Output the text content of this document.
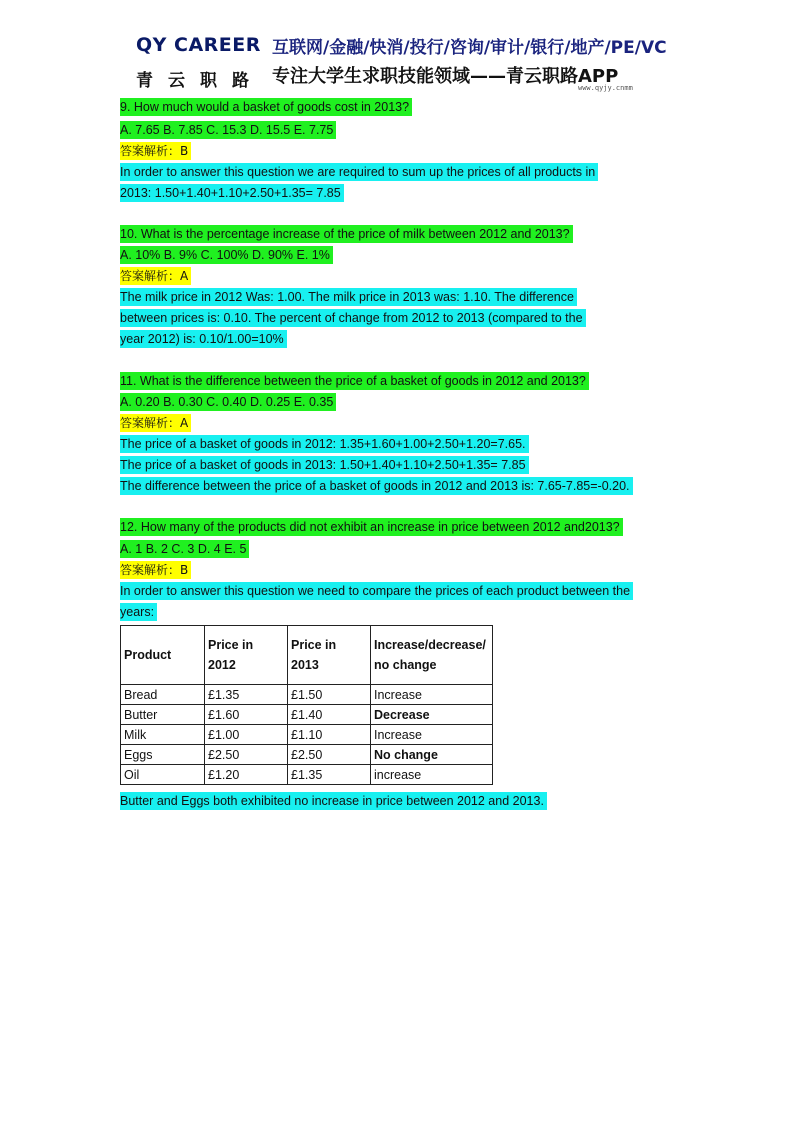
QY CAREER
青云职路
互联网/金融/快消/投行/咨询/审计/银行/地产/PE/VC
专注大学生求职技能领域——青云职路APP
www.qyjy.cnmm
9. How much would a basket of goods cost in 2013?
A. 7.65 B. 7.85 C. 15.3 D. 15.5 E. 7.75
答案解析：B
In order to answer this question we are required to sum up the prices of all products in
2013: 1.50+1.40+1.10+2.50+1.35= 7.85
10. What is the percentage increase of the price of milk between 2012 and 2013?
A. 10% B. 9% C. 100% D. 90% E. 1%
答案解析：A
The milk price in 2012 Was: 1.00. The milk price in 2013 was: 1.10. The difference
between prices is: 0.10. The percent of change from 2012 to 2013 (compared to the
year 2012) is: 0.10/1.00=10%
11. What is the difference between the price of a basket of goods in 2012 and 2013?
A. 0.20 B. 0.30 C. 0.40 D. 0.25 E. 0.35
答案解析：A
The price of a basket of goods in 2012: 1.35+1.60+1.00+2.50+1.20=7.65.
The price of a basket of goods in 2013: 1.50+1.40+1.10+2.50+1.35= 7.85
The difference between the price of a basket of goods in 2012 and 2013 is: 7.65-7.85=-0.20.
12. How many of the products did not exhibit an increase in price between 2012 and2013?
A. 1 B. 2 C. 3 D. 4 E. 5
答案解析：B
In order to answer this question we need to compare the prices of each product between the
years:
Product	Price in 2012	Price in 2013	Increase/decrease/ no change
Bread	£1.35	£1.50	Increase
Butter	£1.60	£1.40	Decrease
Milk	£1.00	£1.10	Increase
Eggs	£2.50	£2.50	No change
Oil	£1.20	£1.35	increase
Butter and Eggs both exhibited no increase in price between 2012 and 2013.
